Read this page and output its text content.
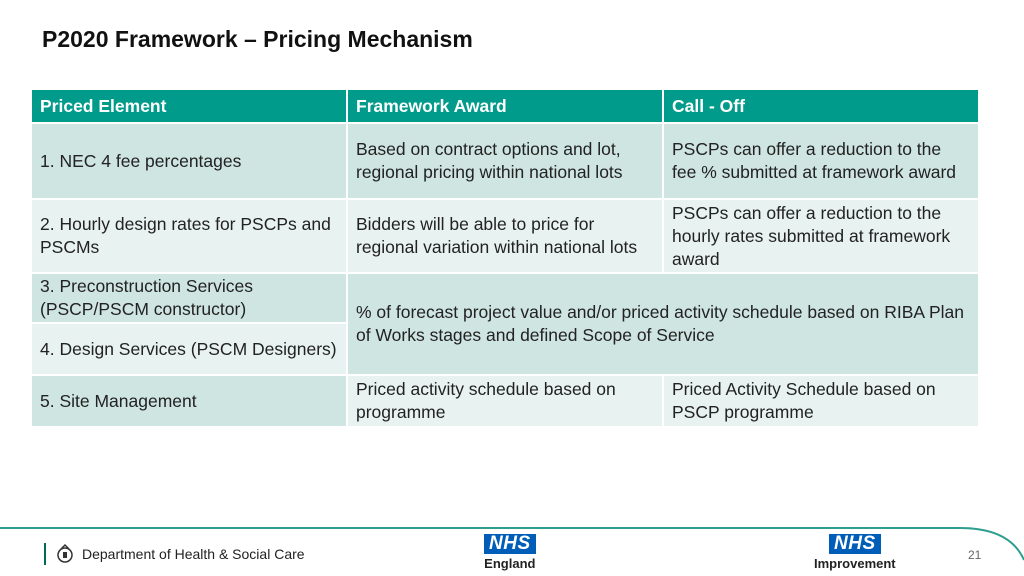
P2020 Framework – Pricing Mechanism
Priced Element	Framework Award	Call - Off
1. NEC 4 fee percentages	Based on contract options and lot, regional pricing within national lots	PSCPs can offer a reduction to the fee % submitted at framework award
2. Hourly design rates for PSCPs and PSCMs	Bidders will be able to price for regional variation within national lots	PSCPs can offer a reduction to the hourly rates submitted at framework award
3. Preconstruction Services (PSCP/PSCM constructor)	% of forecast project value and/or priced activity schedule based on RIBA Plan of Works stages and defined Scope of Service	
4. Design Services (PSCM Designers)		
5. Site Management	Priced activity schedule based on programme	Priced Activity Schedule based on PSCP programme
Department of Health & Social Care	NHS
England
NHS
Improvement
21
